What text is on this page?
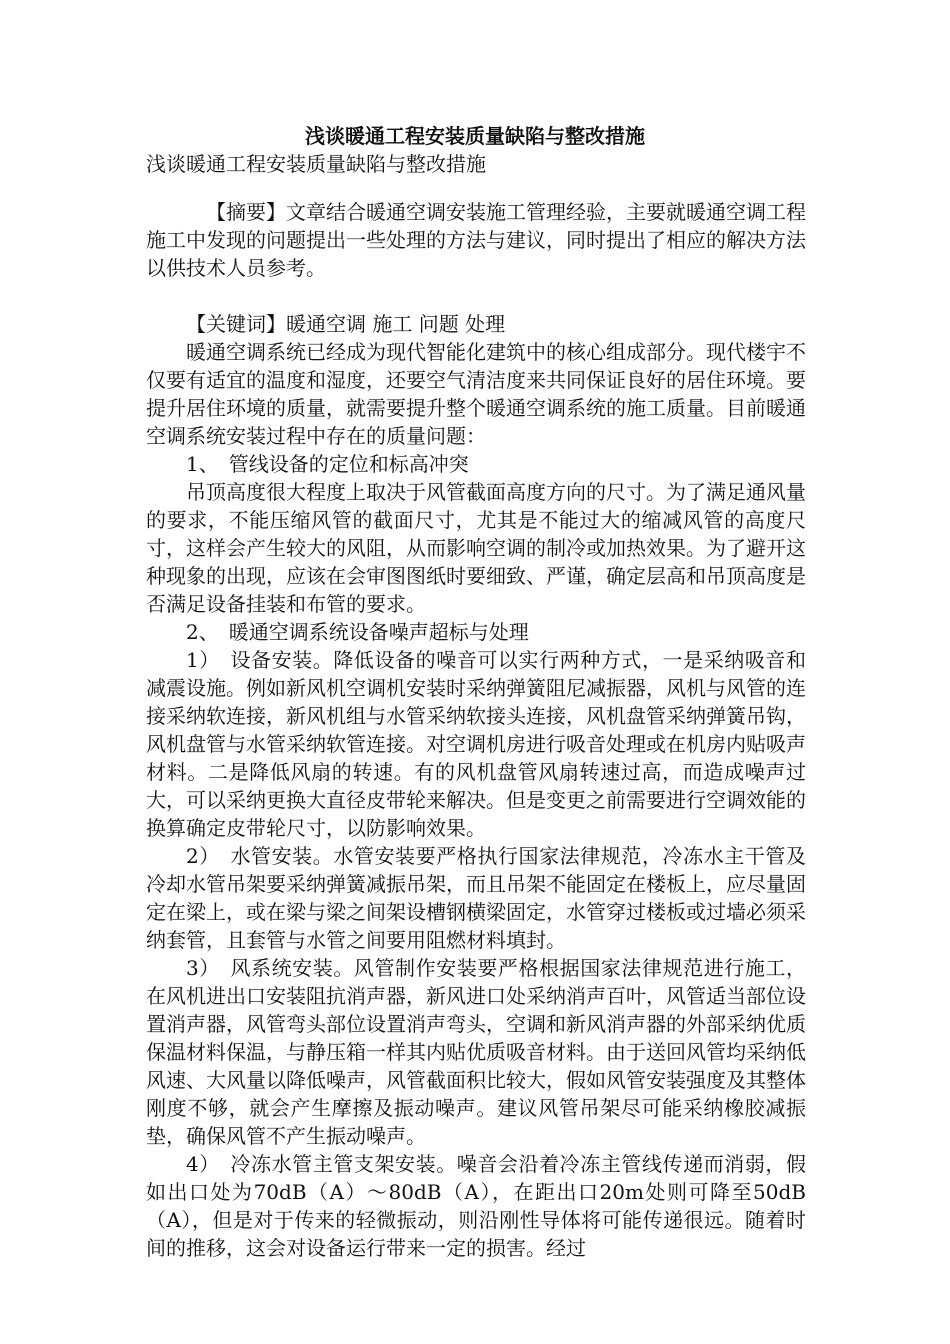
浅谈暖通工程安装质量缺陷与整改措施
浅谈暖通工程安装质量缺陷与整改措施

【摘要】文章结合暖通空调安装施工管理经验，主要就暖通空调工程施工中发现的问题提出一些处理的方法与建议，同时提出了相应的解决方法以供技术人员参考。

【关键词】暖通空调 施工 问题 处理

暖通空调系统已经成为现代智能化建筑中的核心组成部分。现代楼宇不仅要有适宜的温度和湿度，还要空气清洁度来共同保证良好的居住环境。要提升居住环境的质量，就需要提升整个暖通空调系统的施工质量。目前暖通空调系统安装过程中存在的质量问题：

1、　管线设备的定位和标高冲突

吊顶高度很大程度上取决于风管截面高度方向的尺寸。为了满足通风量的要求，不能压缩风管的截面尺寸，尤其是不能过大的缩减风管的高度尺寸，这样会产生较大的风阻，从而影响空调的制冷或加热效果。为了避开这种现象的出现，应该在会审图图纸时要细致、严谨，确定层高和吊顶高度是否满足设备挂装和布管的要求。

2、　暖通空调系统设备噪声超标与处理

1）　设备安装。降低设备的噪音可以实行两种方式，一是采纳吸音和减震设施。例如新风机空调机安装时采纳弹簧阻尼减振器，风机与风管的连接采纳软连接，新风机组与水管采纳软接头连接，风机盘管采纳弹簧吊钩，风机盘管与水管采纳软管连接。对空调机房进行吸音处理或在机房内贴吸声材料。二是降低风扇的转速。有的风机盘管风扇转速过高，而造成噪声过大，可以采纳更换大直径皮带轮来解决。但是变更之前需要进行空调效能的换算确定皮带轮尺寸，以防影响效果。

2）　水管安装。水管安装要严格执行国家法律规范，冷冻水主干管及冷却水管吊架要采纳弹簧减振吊架，而且吊架不能固定在楼板上，应尽量固定在梁上，或在梁与梁之间架设槽钢横梁固定，水管穿过楼板或过墙必须采纳套管，且套管与水管之间要用阻燃材料填封。

3）　风系统安装。风管制作安装要严格根据国家法律规范进行施工，在风机进出口安装阻抗消声器，新风进口处采纳消声百叶，风管适当部位设置消声器，风管弯头部位设置消声弯头，空调和新风消声器的外部采纳优质保温材料保温，与静压箱一样其内贴优质吸音材料。由于送回风管均采纳低风速、大风量以降低噪声，风管截面积比较大，假如风管安装强度及其整体刚度不够，就会产生摩擦及振动噪声。建议风管吊架尽可能采纳橡胶减振垫，确保风管不产生振动噪声。

4）　冷冻水管主管支架安装。噪音会沿着冷冻主管线传递而消弱，假如出口处为70dB（A）～80dB（A），在距出口20m处则可降至50dB（A），但是对于传来的轻微振动，则沿刚性导体将可能传递很远。随着时间的推移，这会对设备运行带来一定的损害。经过
